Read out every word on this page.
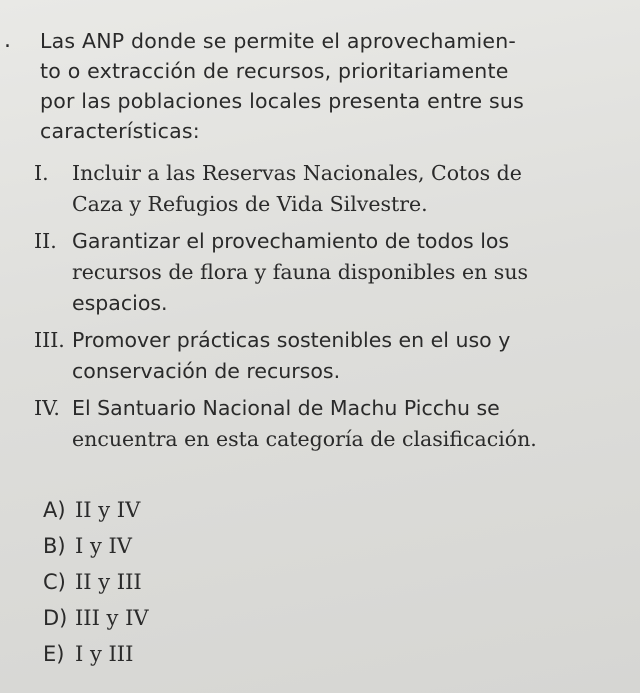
. Las ANP donde se permite el aprovechamien-
to o extracción de recursos, prioritariamente
por las poblaciones locales presenta entre sus
características:
I. Incluir a las Reservas Nacionales, Cotos de
Caza y Refugios de Vida Silvestre.
II. Garantizar el provechamiento de todos los
recursos de flora y fauna disponibles en sus
espacios.
III. Promover prácticas sostenibles en el uso y
conservación de recursos.
IV. El Santuario Nacional de Machu Picchu se
encuentra en esta categoría de clasificación.
A) II y IV
B) I y IV
C) II y III
D) III y IV
E) I y III
